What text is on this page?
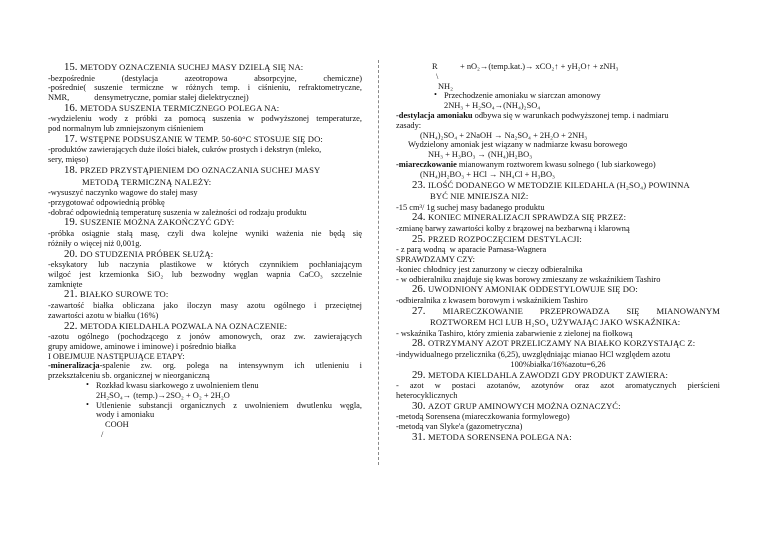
15. METODY OZNACZENIA SUCHEJ MASY DZIELĄ SIĘ NA:

-bezpośrednie (destylacja azeotropowa absorpcyjne, chemiczne)

-pośrednie( suszenie termiczne w różnych temp. i ciśnieniu, refraktometryczne,

NMR,            densymetryczne, pomiar stałej dielektrycznej)

16. METODA SUSZENIA TERMICZNEGO POLEGA NA:

-wydzieleniu wody z próbki za pomocą suszenia w podwyższonej temperaturze,

pod normalnym lub zmniejszonym ciśnieniem

17. WSTĘPNE PODSUSZANIE W TEMP. 50-60°C STOSUJE SIĘ DO:

-produktów zawierających duże ilości białek, cukrów prostych i dekstryn (mleko,

sery, mięso)

18. PRZED PRZYSTĄPIENIEM DO OZNACZANIA SUCHEJ MASY

METODĄ TERMICZNĄ NALEŻY:

-wysuszyć naczynko wagowe do stałej masy

-przygotować odpowiednią próbkę

-dobrać odpowiednią temperaturę suszenia w zależności od rodzaju produktu

19. SUSZENIE MOŻNA ZAKOŃCZYĆ GDY:

-próbka osiągnie stałą masę, czyli dwa kolejne wyniki ważenia nie będą się

różniły o więcej niż 0,001g.

20. DO STUDZENIA PRÓBEK SŁUŻĄ:

-eksykatory lub naczynia plastikowe w których czynnikiem pochłaniającym

wilgoć jest krzemionka SiO₂ lub bezwodny węglan wapnia CaCO₃ szczelnie

zamknięte

21. BIAŁKO SUROWE TO:

-zawartość białka obliczana jako iloczyn masy azotu ogólnego i przeciętnej

zawartości azotu w białku (16%)

22. METODA KIELDAHLA POZWALA NA OZNACZENIE:

-azotu ogólnego (pochodzącego z jonów amonowych, oraz zw. zawierających

grupy amidowe, aminowe i iminowe) i pośrednio białka

I OBEJMUJE NASTĘPUJĄCE ETAPY:

-mineralizacja-spalenie zw. org. polega na intensywnym ich utlenieniu i

przekształceniu sb. organicznej w nieorganiczną

• Rozkład kwasu siarkowego z uwolnieniem tlenu

2H₂SO₄→ (temp.)→2SO₂ + O₂ + 2H₂O

• Utlenienie substancji organicznych z uwolnieniem dwutlenku węgla,

wody i amoniaku

COOH

/

R	+ nO₂→(temp.kat.)→ xCO₂↑ + yH₂O↑ + zNH₃

\

NH₂

• Przechodzenie amoniaku w siarczan amonowy

2NH₃ + H₂SO₄→(NH₄)₂SO₄

-destylacja amoniaku odbywa się w warunkach podwyższonej temp. i nadmiaru

zasady:

(NH₄)₂SO₄ + 2NaOH → Na₂SO₄ + 2H₂O + 2NH₃

Wydzielony amoniak jest wiązany w nadmiarze kwasu borowego

NH₃ + H₃BO₃ → (NH₄)H₂BO₃

-miareczkowanie mianowanym roztworem kwasu solnego ( lub siarkowego)

(NH₄)H₂BO₃ + HCl → NH₄Cl + H₃BO₃

23. ILOŚĆ DODANEGO W METODZIE KILEDAHLA (H₂SO₄) POWINNA

BYĆ NIE MNIEJSZA NIŻ:

-15 cm³/ 1g suchej masy badanego produktu

24. KONIEC MINERALIZACJI SPRAWDZA SIĘ PRZEZ:

-zmianę barwy zawartości kolby z brązowej na bezbarwną i klarowną

25. PRZED ROZPOCZĘCIEM DESTYLACJI:

- z parą wodną  w aparacie Parnasa-Wagnera

SPRAWDZAMY CZY:

-koniec chłodnicy jest zanurzony w cieczy odbieralnika

- w odbieralniku znajduje się kwas borowy zmieszany ze wskaźnikiem Tashiro

26. UWODNIONY AMONIAK ODDESTYLOWUJE SIĘ DO:

-odbieralnika z kwasem borowym i wskaźnikiem Tashiro

27. MIARECZKOWANIE PRZEPROWADZA SIĘ MIANOWANYM

ROZTWOREM HCl LUB H₂SO₄ UŻYWAJĄC JAKO WSKAŹNIKA:

- wskaźnika Tashiro, który zmienia zabarwienie z zielonej na fiołkową

28. OTRZYMANY AZOT PRZELICZAMY NA BIAŁKO KORZYSTAJĄC Z:

-indywidualnego przelicznika (6,25), uwzględniając mianao HCl względem azotu

100%białka/16%azotu=6,26

29. METODA KIELDAHLA ZAWODZI GDY PRODUKT ZAWIERA:

- azot w postaci azotanów, azotynów oraz azot aromatycznych pierścieni

heterocyklicznych

30. AZOT GRUP AMINOWYCH MOŻNA OZNACZYĆ:

-metodą Sorensena (miareczkowania formylowego)

-metodą van Slyke'a (gazometryczna)

31. METODA SORENSENA POLEGA NA:
